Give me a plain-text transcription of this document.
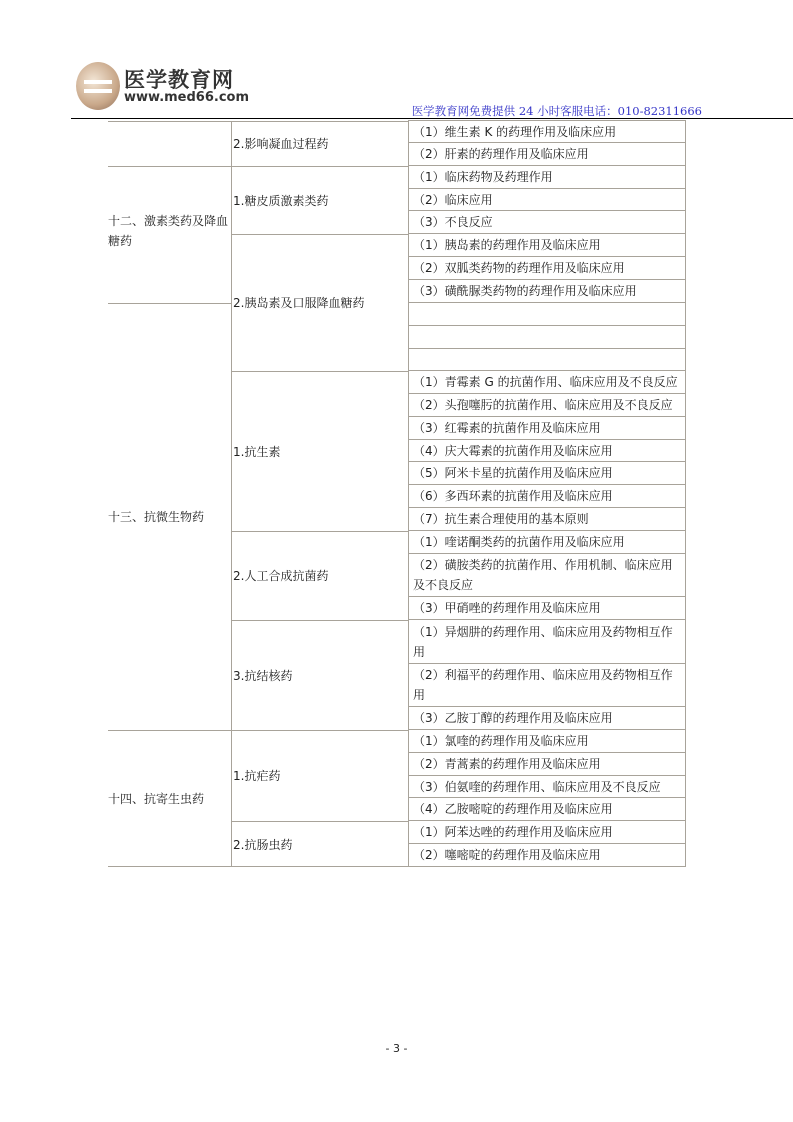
医学教育网
www.med66.com
医学教育网免费提供 24 小时客服电话：010-82311666
（1）维生素 K 的药理作用及临床应用
（2）肝素的药理作用及临床应用
（1）临床药物及药理作用
（2）临床应用
（3）不良反应
（1）胰岛素的药理作用及临床应用
（2）双胍类药物的药理作用及临床应用
（3）磺酰脲类药物的药理作用及临床应用
（1）青霉素 G 的抗菌作用、临床应用及不良反应
（2）头孢噻肟的抗菌作用、临床应用及不良反应
（3）红霉素的抗菌作用及临床应用
（4）庆大霉素的抗菌作用及临床应用
（5）阿米卡星的抗菌作用及临床应用
（6）多西环素的抗菌作用及临床应用
（7）抗生素合理使用的基本原则
（1）喹诺酮类药的抗菌作用及临床应用
（2）磺胺类药的抗菌作用、作用机制、临床应用及不良反应
（3）甲硝唑的药理作用及临床应用
（1）异烟肼的药理作用、临床应用及药物相互作用
（2）利福平的药理作用、临床应用及药物相互作用
（3）乙胺丁醇的药理作用及临床应用
（1）氯喹的药理作用及临床应用
（2）青蒿素的药理作用及临床应用
（3）伯氨喹的药理作用、临床应用及不良反应
（4）乙胺嘧啶的药理作用及临床应用
（1）阿苯达唑的药理作用及临床应用
（2）噻嘧啶的药理作用及临床应用
2.影响凝血过程药
1.糖皮质激素类药
2.胰岛素及口服降血糖药
1.抗生素
2.人工合成抗菌药
3.抗结核药
1.抗疟药
2.抗肠虫药
十二、激素类药及降血糖药
十三、抗微生物药
十四、抗寄生虫药
- 3 -
